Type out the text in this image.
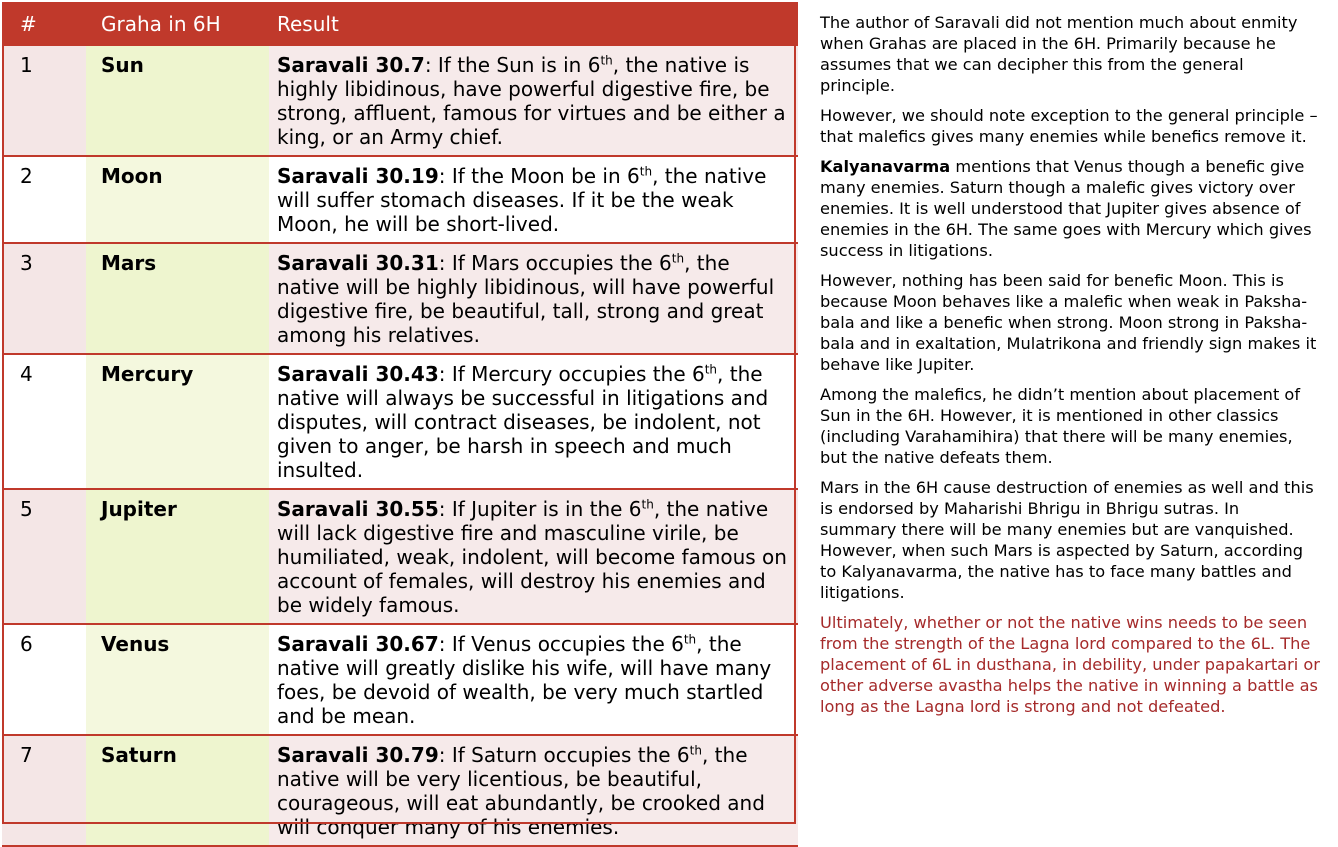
#	Graha in 6H	Result
1	Sun	Saravali 30.7: If the Sun is in 6th, the native is highly libidinous, have powerful digestive fire, be strong, affluent, famous for virtues and be either a king, or an Army chief.
2	Moon	Saravali 30.19: If the Moon be in 6th, the native will suffer stomach diseases. If it be the weak Moon, he will be short-lived.
3	Mars	Saravali 30.31: If Mars occupies the 6th, the native will be highly libidinous, will have powerful digestive fire, be beautiful, tall, strong and great among his relatives.
4	Mercury	Saravali 30.43: If Mercury occupies the 6th, the native will always be successful in litigations and disputes, will contract diseases, be indolent, not given to anger, be harsh in speech and much insulted.
5	Jupiter	Saravali 30.55: If Jupiter is in the 6th, the native will lack digestive fire and masculine virile, be humiliated, weak, indolent, will become famous on account of females, will destroy his enemies and be widely famous.
6	Venus	Saravali 30.67: If Venus occupies the 6th, the native will greatly dislike his wife, will have many foes, be devoid of wealth, be very much startled and be mean.
7	Saturn	Saravali 30.79: If Saturn occupies the 6th, the native will be very licentious, be beautiful, courageous, will eat abundantly, be crooked and will conquer many of his enemies.

The author of Saravali did not mention much about enmity when Grahas are placed in the 6H. Primarily because he assumes that we can decipher this from the general principle.

However, we should note exception to the general principle – that malefics gives many enemies while benefics remove it.

Kalyanavarma mentions that Venus though a benefic give many enemies. Saturn though a malefic gives victory over enemies. It is well understood that Jupiter gives absence of enemies in the 6H. The same goes with Mercury which gives success in litigations.

However, nothing has been said for benefic Moon. This is because Moon behaves like a malefic when weak in Paksha-bala and like a benefic when strong. Moon strong in Paksha-bala and in exaltation, Mulatrikona and friendly sign makes it behave like Jupiter.

Among the malefics, he didn’t mention about placement of Sun in the 6H. However, it is mentioned in other classics (including Varahamihira) that there will be many enemies, but the native defeats them.

Mars in the 6H cause destruction of enemies as well and this is endorsed by Maharishi Bhrigu in Bhrigu sutras. In summary there will be many enemies but are vanquished. However, when such Mars is aspected by Saturn, according to Kalyanavarma, the native has to face many battles and litigations.

Ultimately, whether or not the native wins needs to be seen from the strength of the Lagna lord compared to the 6L. The placement of 6L in dusthana, in debility, under papakartari or other adverse avastha helps the native in winning a battle as long as the Lagna lord is strong and not defeated.
